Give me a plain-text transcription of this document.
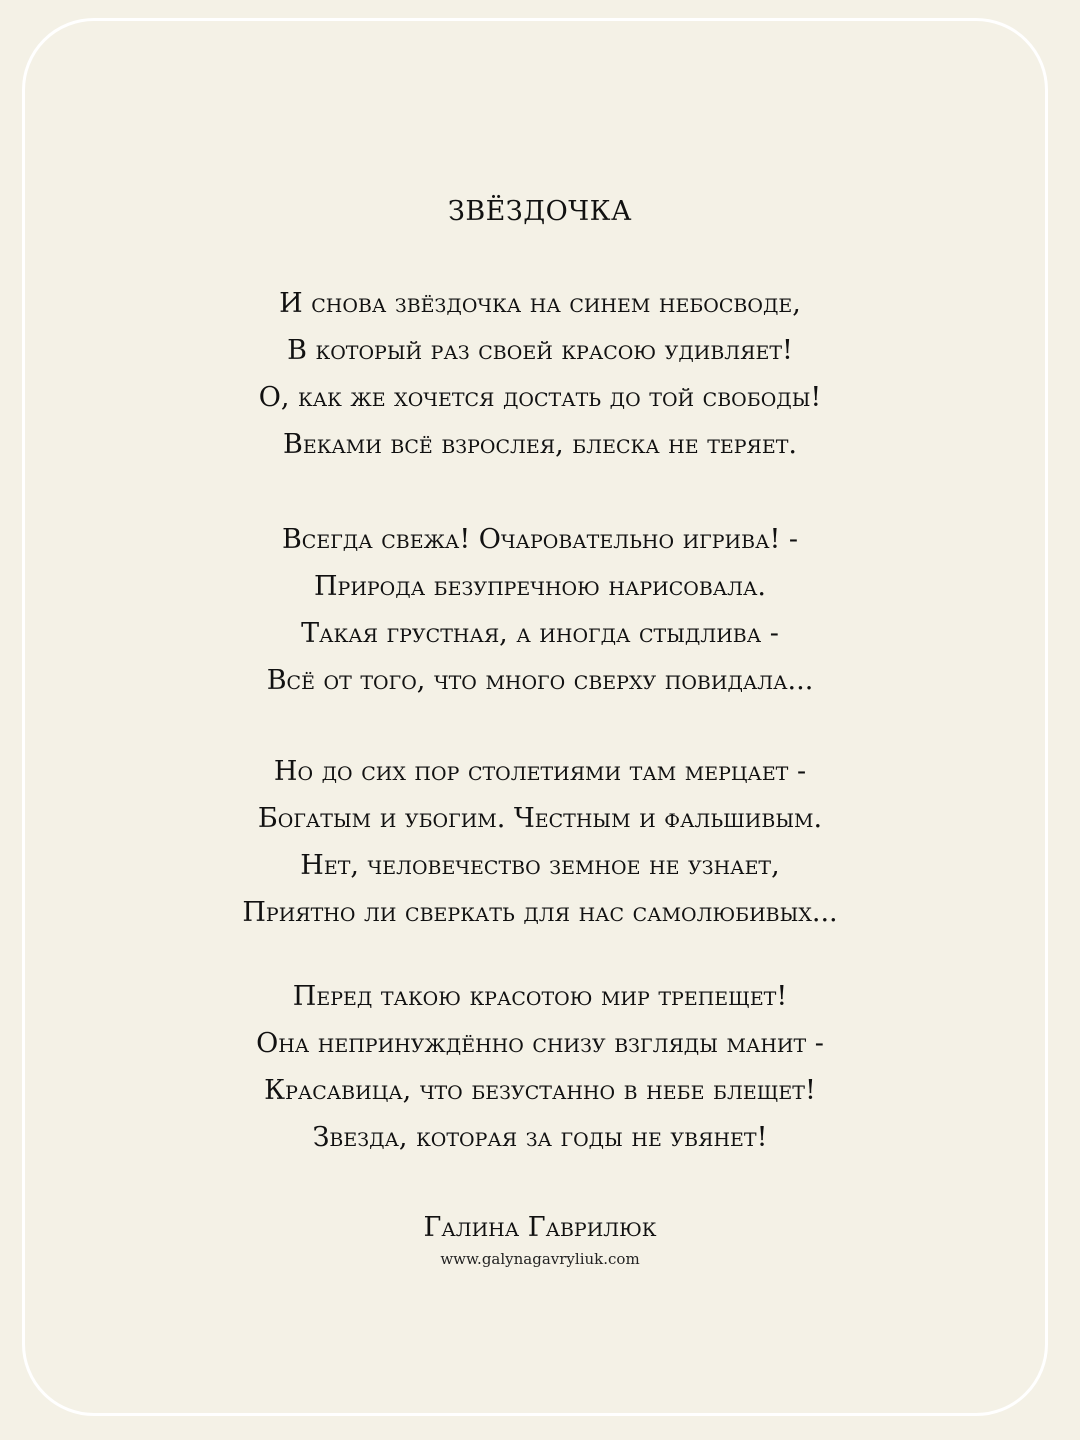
ЗВЁЗДОЧКА
И снова звёздочка на синем небосводе,
В который раз своей красою удивляет!
О, как же хочется достать до той свободы!
Веками всё взрослея, блеска не теряет.
Всегда свежа! Очаровательно игрива! -
Природа безупречною нарисовала.
Такая грустная, а иногда стыдлива -
Всё от того, что много сверху повидала...
Но до сих пор столетиями там мерцает -
Богатым и убогим. Честным и фальшивым.
Нет, человечество земное не узнает,
Приятно ли сверкать для нас самолюбивых...
Перед такою красотою мир трепещет!
Она непринуждённо снизу взгляды манит -
Красавица, что безустанно в небе блещет!
Звезда, которая за годы не увянет!
Галина Гаврилюк
www.galynagavryliuk.com
